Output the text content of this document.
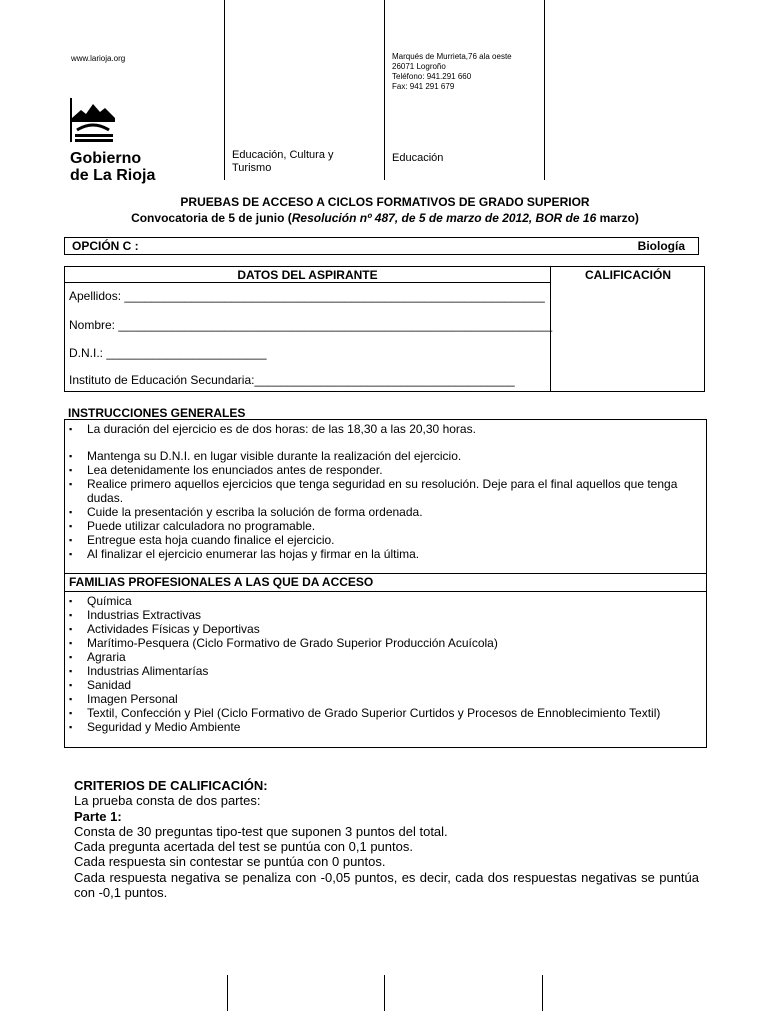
www.larioja.org	Marqués de Murrieta,76 ala oeste
26071 Logroño
Teléfono: 941.291 660
Fax: 941 291 679
Gobierno
de La Rioja
Educación, Cultura y Turismo
Educación
PRUEBAS DE ACCESO A CICLOS FORMATIVOS DE GRADO SUPERIOR
Convocatoria de 5 de junio (Resolución nº 487, de 5 de marzo de 2012, BOR de 16 marzo)
OPCIÓN C :	Biología
DATOS DEL ASPIRANTE	CALIFICACIÓN
Apellidos: _______________________________________________________________
Nombre: _________________________________________________________________
D.N.I.: ________________________
Instituto de Educación Secundaria:_______________________________________
INSTRUCCIONES GENERALES
▪ La duración del ejercicio es de dos horas: de las 18,30 a las 20,30 horas.
▪ Mantenga su D.N.I. en lugar visible durante la realización del ejercicio.
▪ Lea detenidamente los enunciados antes de responder.
▪ Realice primero aquellos ejercicios que tenga seguridad en su resolución. Deje para el final aquellos que tenga dudas.
▪ Cuide la presentación y escriba la solución de forma ordenada.
▪ Puede utilizar calculadora no programable.
▪ Entregue esta hoja cuando finalice el ejercicio.
▪ Al finalizar el ejercicio enumerar las hojas y firmar en la última.
FAMILIAS PROFESIONALES A LAS QUE DA ACCESO
▪ Química
▪ Industrias Extractivas
▪ Actividades Físicas y Deportivas
▪ Marítimo-Pesquera (Ciclo Formativo de Grado Superior Producción Acuícola)
▪ Agraria
▪ Industrias Alimentarías
▪ Sanidad
▪ Imagen Personal
▪ Textil, Confección y Piel (Ciclo Formativo de Grado Superior Curtidos y Procesos de Ennoblecimiento Textil)
▪ Seguridad y Medio Ambiente
CRITERIOS DE CALIFICACIÓN:
La prueba consta de dos partes:
Parte 1:
Consta de 30 preguntas tipo-test que suponen 3 puntos del total.
Cada pregunta acertada del test se puntúa con 0,1 puntos.
Cada respuesta sin contestar se puntúa con 0 puntos.
Cada respuesta negativa se penaliza con -0,05 puntos, es decir, cada dos respuestas negativas se puntúa con -0,1 puntos.
